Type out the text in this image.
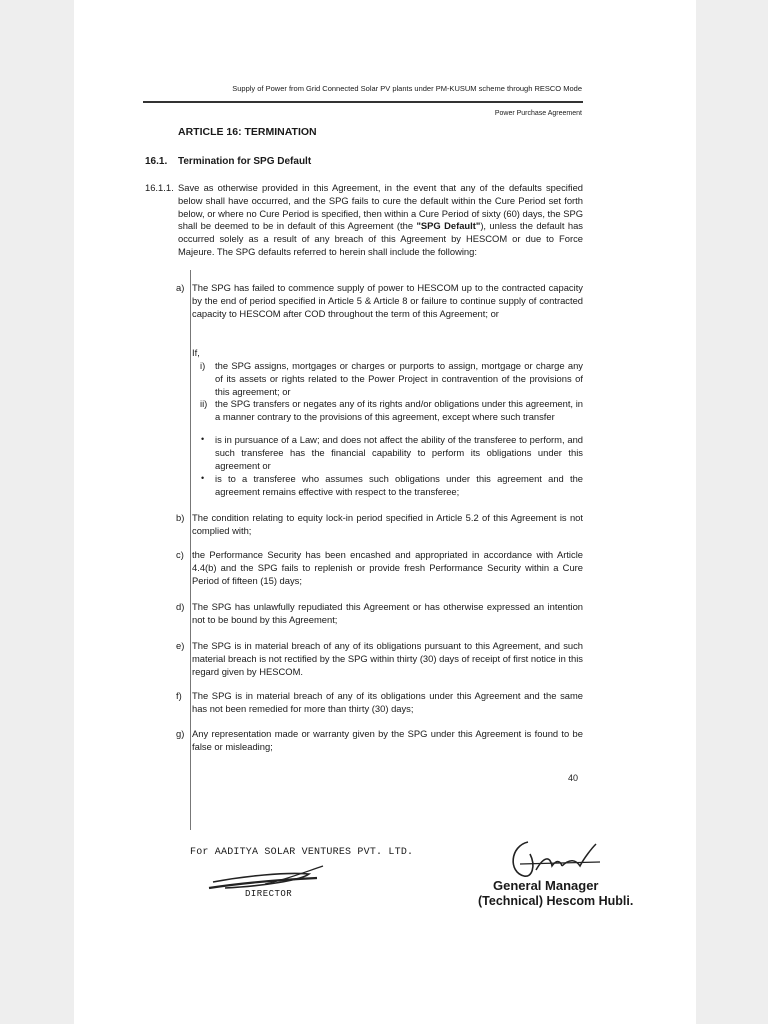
Supply of Power from Grid Connected Solar PV plants under PM-KUSUM scheme through RESCO Mode
Power Purchase Agreement
ARTICLE 16: TERMINATION
16.1. Termination for SPG Default
16.1.1. Save as otherwise provided in this Agreement, in the event that any of the defaults specified below shall have occurred, and the SPG fails to cure the default within the Cure Period set forth below, or where no Cure Period is specified, then within a Cure Period of sixty (60) days, the SPG shall be deemed to be in default of this Agreement (the "SPG Default"), unless the default has occurred solely as a result of any breach of this Agreement by HESCOM or due to Force Majeure. The SPG defaults referred to herein shall include the following:

a) The SPG has failed to commence supply of power to HESCOM up to the contracted capacity by the end of period specified in Article 5 & Article 8 or failure to continue supply of contracted capacity to HESCOM after COD throughout the term of this Agreement; or

If,
i) the SPG assigns, mortgages or charges or purports to assign, mortgage or charge any of its assets or rights related to the Power Project in contravention of the provisions of this agreement; or

ii) the SPG transfers or negates any of its rights and/or obligations under this agreement, in a manner contrary to the provisions of this agreement, except where such transfer

• is in pursuance of a Law; and does not affect the ability of the transferee to perform, and such transferee has the financial capability to perform its obligations under this agreement or

• is to a transferee who assumes such obligations under this agreement and the agreement remains effective with respect to the transferee;

b) The condition relating to equity lock-in period specified in Article 5.2 of this Agreement is not complied with;

c) the Performance Security has been encashed and appropriated in accordance with Article 4.4(b) and the SPG fails to replenish or provide fresh Performance Security within a Cure Period of fifteen (15) days;

d) The SPG has unlawfully repudiated this Agreement or has otherwise expressed an intention not to be bound by this Agreement;

e) The SPG is in material breach of any of its obligations pursuant to this Agreement, and such material breach is not rectified by the SPG within thirty (30) days of receipt of first notice in this regard given by HESCOM.

f) The SPG is in material breach of any of its obligations under this Agreement and the same has not been remedied for more than thirty (30) days;

g) Any representation made or warranty given by the SPG under this Agreement is found to be false or misleading;

40
For AADITYA SOLAR VENTURES PVT. LTD.
DIRECTOR
General Manager
(Technical) Hescom Hubli.
